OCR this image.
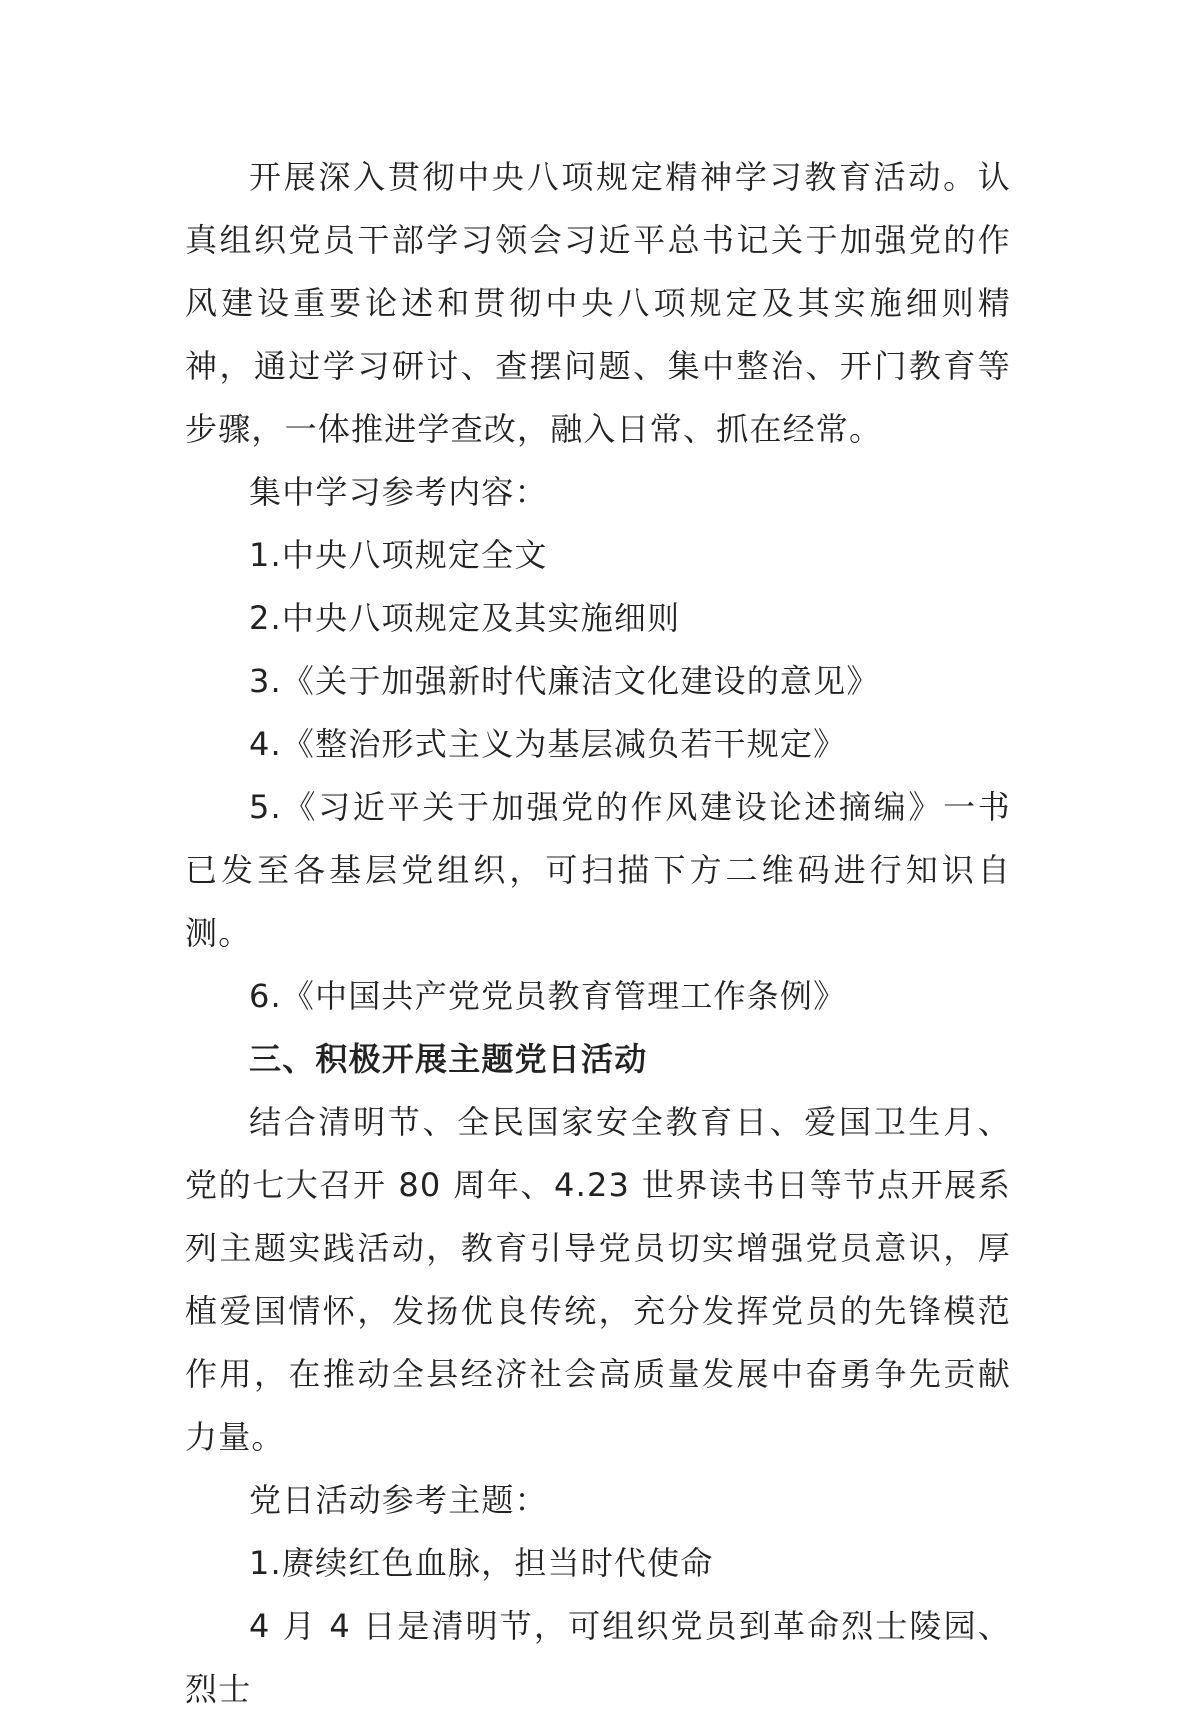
开展深入贯彻中央八项规定精神学习教育活动。认真组织党员干部学习领会习近平总书记关于加强党的作风建设重要论述和贯彻中央八项规定及其实施细则精神，通过学习研讨、查摆问题、集中整治、开门教育等步骤，一体推进学查改，融入日常、抓在经常。

集中学习参考内容：

1.中央八项规定全文

2.中央八项规定及其实施细则

3.《关于加强新时代廉洁文化建设的意见》

4.《整治形式主义为基层减负若干规定》

5.《习近平关于加强党的作风建设论述摘编》一书已发至各基层党组织，可扫描下方二维码进行知识自测。

6.《中国共产党党员教育管理工作条例》

三、积极开展主题党日活动

结合清明节、全民国家安全教育日、爱国卫生月、党的七大召开 80 周年、4.23 世界读书日等节点开展系列主题实践活动，教育引导党员切实增强党员意识，厚植爱国情怀，发扬优良传统，充分发挥党员的先锋模范作用，在推动全县经济社会高质量发展中奋勇争先贡献力量。

党日活动参考主题：

1.赓续红色血脉，担当时代使命

4 月 4 日是清明节，可组织党员到革命烈士陵园、烈士
